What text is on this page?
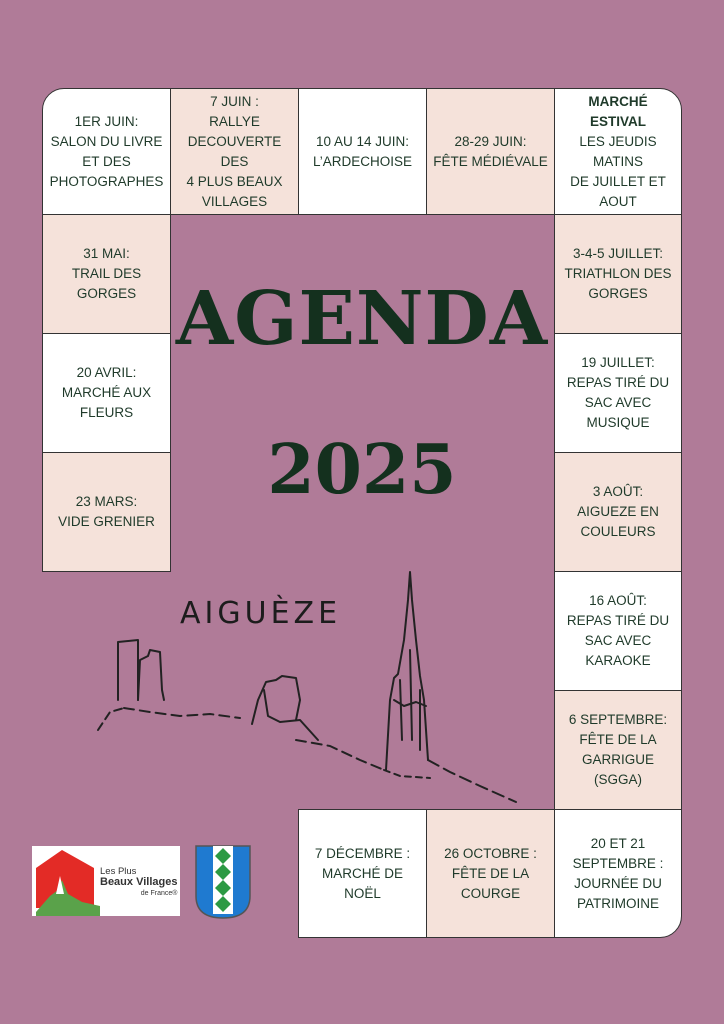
1ER JUIN:
SALON DU LIVRE
ET DES
PHOTOGRAPHES
7 JUIN :
RALLYE
DECOUVERTE
DES
4 PLUS BEAUX
VILLAGES
10 AU 14 JUIN:
L’ARDECHOISE
28-29 JUIN:
FÊTE MÉDIÉVALE
MARCHÉ ESTIVAL
LES JEUDIS
MATINS
DE JUILLET ET
AOUT
3-4-5 JUILLET:
TRIATHLON DES
GORGES
19 JUILLET:
REPAS TIRÉ DU
SAC AVEC
MUSIQUE
3 AOÛT:
AIGUEZE EN
COULEURS
16 AOÛT:
REPAS TIRÉ DU
SAC AVEC
KARAOKE
6 SEPTEMBRE:
FÊTE DE LA
GARRIGUE
(SGGA)
20 ET 21
SEPTEMBRE :
JOURNÉE DU
PATRIMOINE
26 OCTOBRE :
FÊTE DE LA
COURGE
7 DÉCEMBRE :
MARCHÉ DE NOËL
23 MARS:
VIDE GRENIER
20 AVRIL:
MARCHÉ AUX
FLEURS
31 MAI:
TRAIL DES
GORGES AGENDA
2025
AIGUÈZE
Les Plus
Beaux Villages
de France®
